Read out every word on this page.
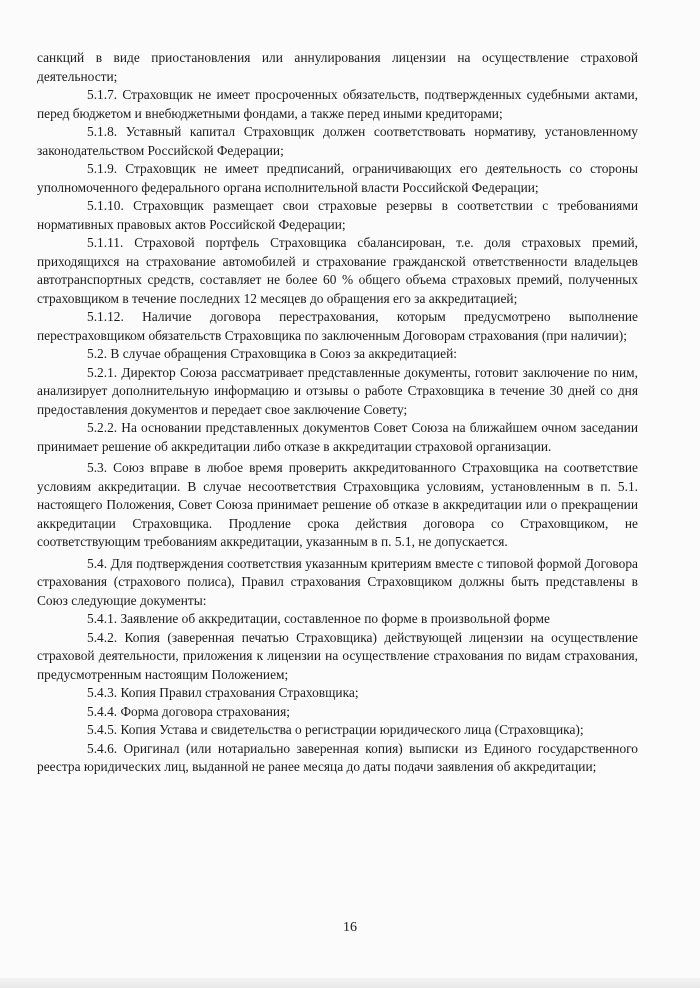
санкций в виде приостановления или аннулирования лицензии на осуществление страховой деятельности;

5.1.7. Страховщик не имеет просроченных обязательств, подтвержденных судебными актами, перед бюджетом и внебюджетными фондами, а также перед иными кредиторами;

5.1.8. Уставный капитал Страховщик должен соответствовать нормативу, установленному законодательством Российской Федерации;

5.1.9. Страховщик не имеет предписаний, ограничивающих его деятельность со стороны уполномоченного федерального органа исполнительной власти Российской Федерации;

5.1.10. Страховщик размещает свои страховые резервы в соответствии с требованиями нормативных правовых актов Российской Федерации;

5.1.11. Страховой портфель Страховщика сбалансирован, т.е. доля страховых премий, приходящихся на страхование автомобилей и страхование гражданской ответственности владельцев автотранспортных средств, составляет не более 60 % общего объема страховых премий, полученных страховщиком в течение последних 12 месяцев до обращения его за аккредитацией;

5.1.12. Наличие договора перестрахования, которым предусмотрено выполнение перестраховщиком обязательств Страховщика по заключенным Договорам страхования (при наличии);

5.2. В случае обращения Страховщика в Союз за аккредитацией:

5.2.1. Директор Союза рассматривает представленные документы, готовит заключение по ним, анализирует дополнительную информацию и отзывы о работе Страховщика в течение 30 дней со дня предоставления документов и передает свое заключение Совету;

5.2.2. На основании представленных документов Совет Союза на ближайшем очном заседании принимает решение об аккредитации либо отказе в аккредитации страховой организации.

5.3. Союз вправе в любое время проверить аккредитованного Страховщика на соответствие условиям аккредитации. В случае несоответствия Страховщика условиям, установленным в п. 5.1. настоящего Положения, Совет Союза принимает решение об отказе в аккредитации или о прекращении аккредитации Страховщика. Продление срока действия договора со Страховщиком, не соответствующим требованиям аккредитации, указанным в п. 5.1, не допускается.

5.4. Для подтверждения соответствия указанным критериям вместе с типовой формой Договора страхования (страхового полиса), Правил страхования Страховщиком должны быть представлены в Союз следующие документы:

5.4.1. Заявление об аккредитации, составленное по форме в произвольной форме

5.4.2. Копия (заверенная печатью Страховщика) действующей лицензии на осуществление страховой деятельности, приложения к лицензии на осуществление страхования по видам страхования, предусмотренным настоящим Положением;

5.4.3. Копия Правил страхования Страховщика;

5.4.4. Форма договора страхования;

5.4.5. Копия Устава и свидетельства о регистрации юридического лица (Страховщика);

5.4.6. Оригинал (или нотариально заверенная копия) выписки из Единого государственного реестра юридических лиц, выданной не ранее месяца до даты подачи заявления об аккредитации;

16
